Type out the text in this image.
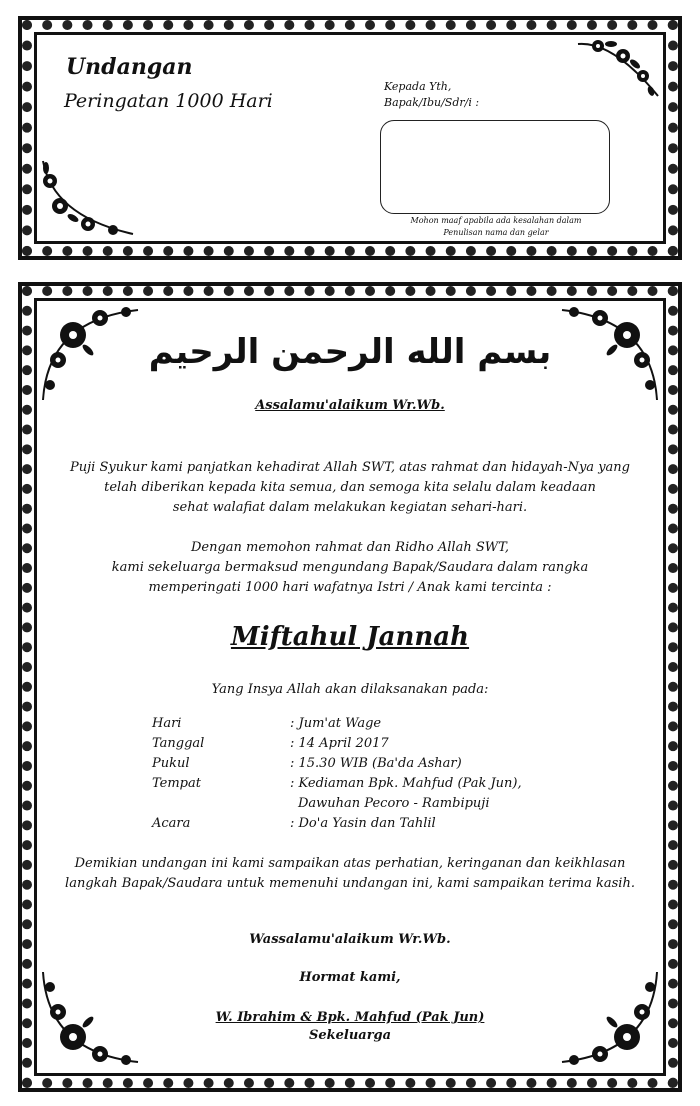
Undangan
Peringatan 1000 Hari
Kepada Yth,
Bapak/Ibu/Sdr/i :
Mohon maaf apabila ada kesalahan dalam
Penulisan nama dan gelar
بسم الله الرحمن الرحيم
Assalamu'alaikum Wr.Wb.
Puji Syukur kami panjatkan kehadirat Allah SWT, atas rahmat dan hidayah-Nya yang
telah diberikan kepada kita semua, dan semoga kita selalu dalam keadaan
sehat walafiat dalam melakukan kegiatan sehari-hari.
Dengan memohon rahmat dan Ridho Allah SWT,
kami sekeluarga bermaksud mengundang Bapak/Saudara dalam rangka
memperingati 1000 hari wafatnya Istri / Anak kami tercinta :
Miftahul Jannah
Yang Insya Allah akan dilaksanakan pada:
Hari	: Jum'at Wage
Tanggal	: 14 April 2017
Pukul	: 15.30 WIB (Ba'da Ashar)
Tempat	: Kediaman Bpk. Mahfud (Pak Jun),
Dawuhan Pecoro - Rambipuji
Acara	: Do'a Yasin dan Tahlil
Demikian undangan ini kami sampaikan atas perhatian, keringanan dan keikhlasan
langkah Bapak/Saudara untuk memenuhi undangan ini, kami sampaikan terima kasih.
Wassalamu'alaikum Wr.Wb.
Hormat kami,
W. Ibrahim & Bpk. Mahfud (Pak Jun)
Sekeluarga
